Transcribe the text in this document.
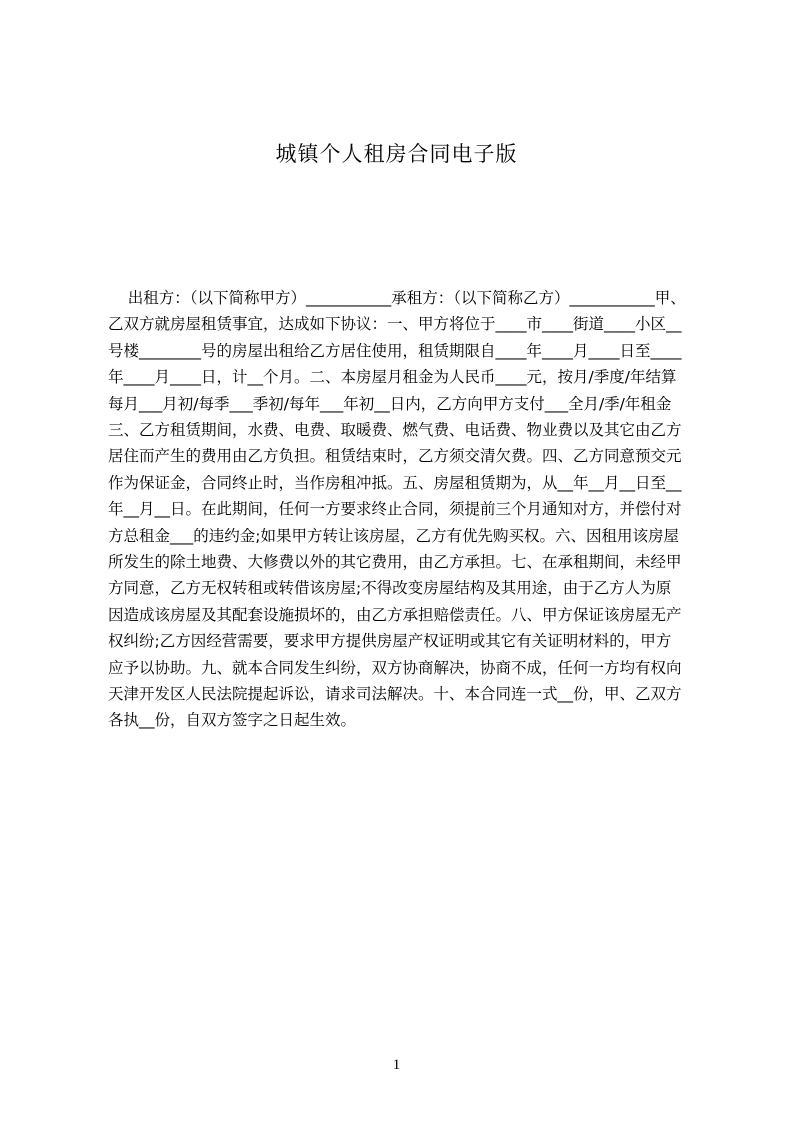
城镇个人租房合同电子版
出租方：（以下简称甲方）___________承租方：（以下简称乙方）___________甲、
乙双方就房屋租赁事宜，达成如下协议：一、甲方将位于____市____街道____小区__
号楼________号的房屋出租给乙方居住使用，租赁期限自____年____月____日至____
年____月____日，计__个月。二、本房屋月租金为人民币____元，按月/季度/年结算
每月___月初/每季___季初/每年___年初__日内，乙方向甲方支付___全月/季/年租金
三、乙方租赁期间，水费、电费、取暖费、燃气费、电话费、物业费以及其它由乙方
居住而产生的费用由乙方负担。租赁结束时，乙方须交清欠费。四、乙方同意预交元
作为保证金，合同终止时，当作房租冲抵。五、房屋租赁期为，从__年__月__日至__
年__月__日。在此期间，任何一方要求终止合同，须提前三个月通知对方，并偿付对
方总租金___的违约金;如果甲方转让该房屋，乙方有优先购买权。六、因租用该房屋
所发生的除土地费、大修费以外的其它费用，由乙方承担。七、在承租期间，未经甲
方同意，乙方无权转租或转借该房屋;不得改变房屋结构及其用途，由于乙方人为原
因造成该房屋及其配套设施损坏的，由乙方承担赔偿责任。八、甲方保证该房屋无产
权纠纷;乙方因经营需要，要求甲方提供房屋产权证明或其它有关证明材料的，甲方
应予以协助。九、就本合同发生纠纷，双方协商解决，协商不成，任何一方均有权向
天津开发区人民法院提起诉讼，请求司法解决。十、本合同连一式__份，甲、乙双方
各执__份，自双方签字之日起生效。
1
